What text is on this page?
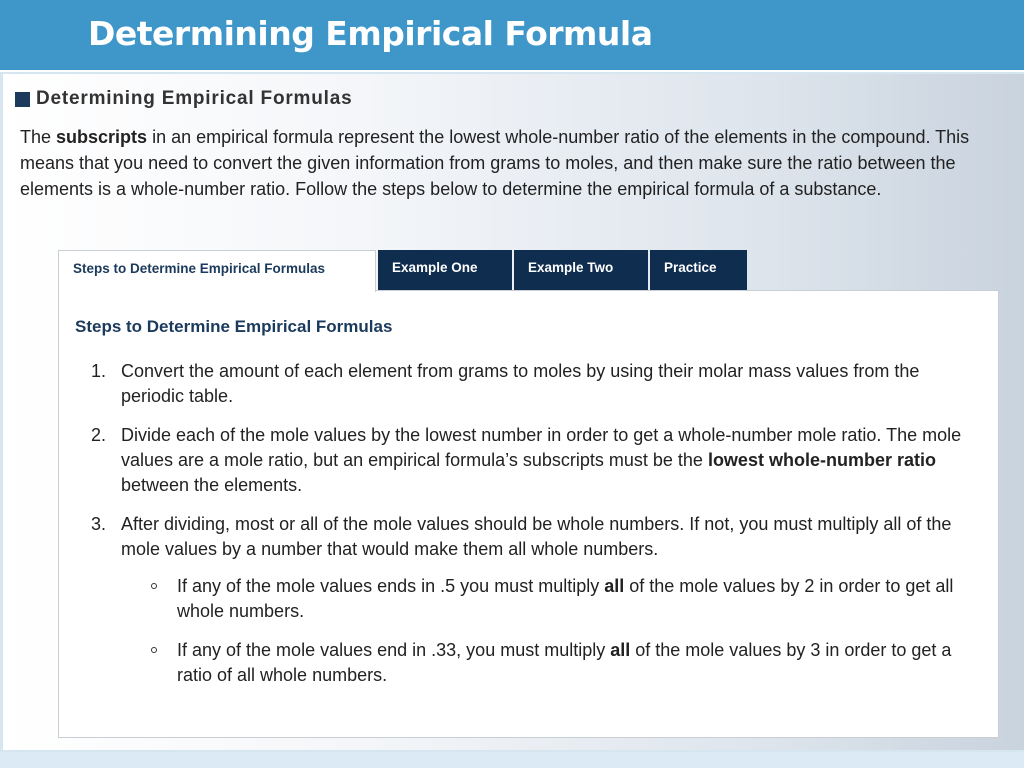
Determining Empirical Formula
Determining Empirical Formulas

The subscripts in an empirical formula represent the lowest whole-number ratio of the elements in the compound. This means that you need to convert the given information from grams to moles, and then make sure the ratio between the elements is a whole-number ratio. Follow the steps below to determine the empirical formula of a substance.

Steps to Determine Empirical Formulas	Example One	Example Two	Practice
Steps to Determine Empirical Formulas
1. Convert the amount of each element from grams to moles by using their molar mass values from the periodic table.
2. Divide each of the mole values by the lowest number in order to get a whole-number mole ratio. The mole values are a mole ratio, but an empirical formula’s subscripts must be the lowest whole-number ratio between the elements.
3. After dividing, most or all of the mole values should be whole numbers. If not, you must multiply all of the mole values by a number that would make them all whole numbers.
If any of the mole values ends in .5 you must multiply all of the mole values by 2 in order to get all whole numbers.
If any of the mole values end in .33, you must multiply all of the mole values by 3 in order to get a ratio of all whole numbers.
